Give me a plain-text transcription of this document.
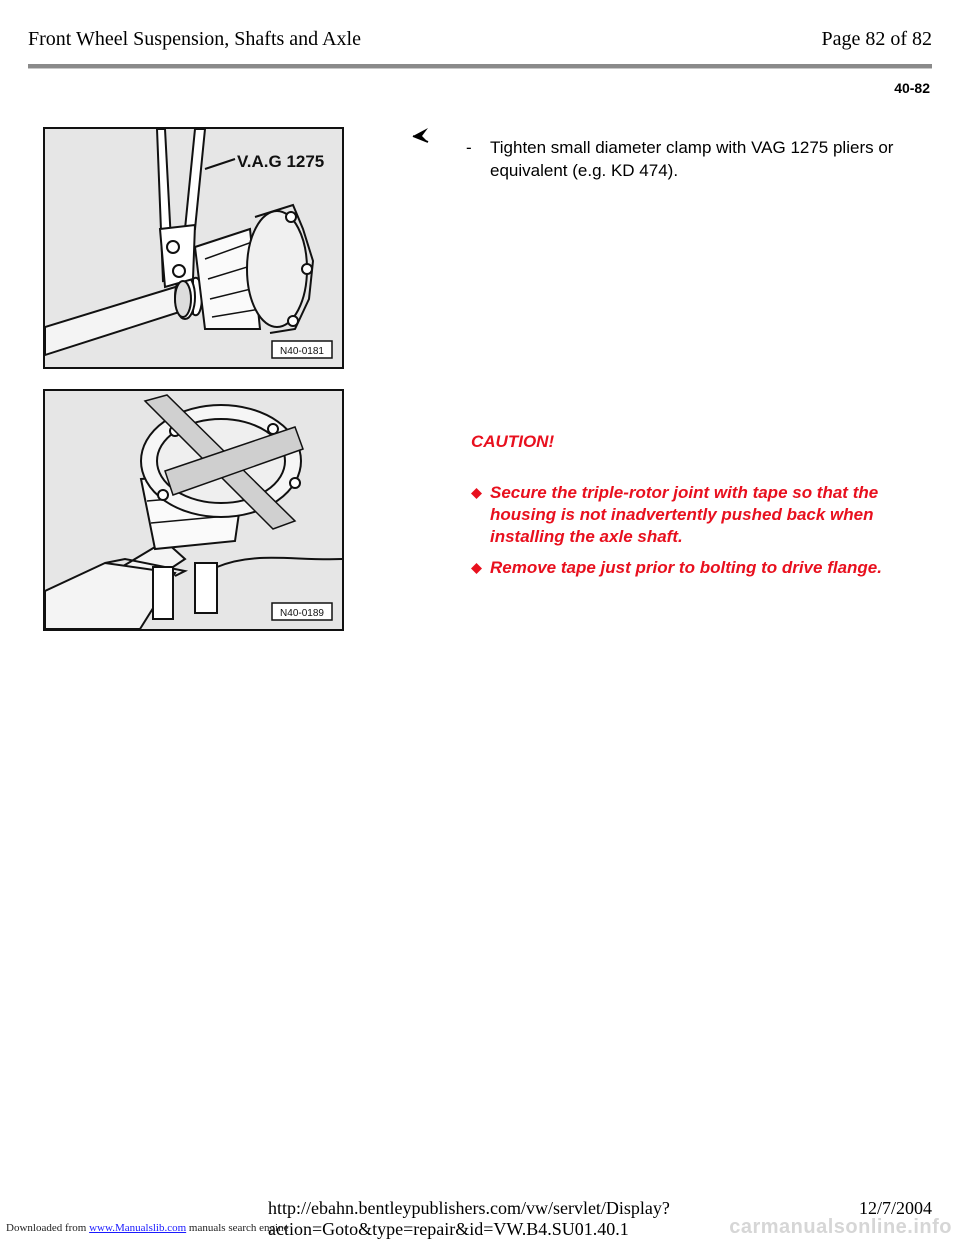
Front Wheel Suspension, Shafts and Axle	Page 82 of 82
40-82
V.A.G 1275
N40-0181
N40-0189
-	Tighten small diameter clamp with VAG 1275 pliers or equivalent (e.g. KD 474).
CAUTION!
Secure the triple-rotor joint with tape so that the housing is not inadvertently pushed back when installing the axle shaft.
Remove tape just prior to bolting to drive flange.
http://ebahn.bentleypublishers.com/vw/servlet/Display?action=Goto&type=repair&id=VW.B4.SU01.40.1
12/7/2004
Downloaded from www.Manualslib.com manuals search engine	carmanualsonline.info
